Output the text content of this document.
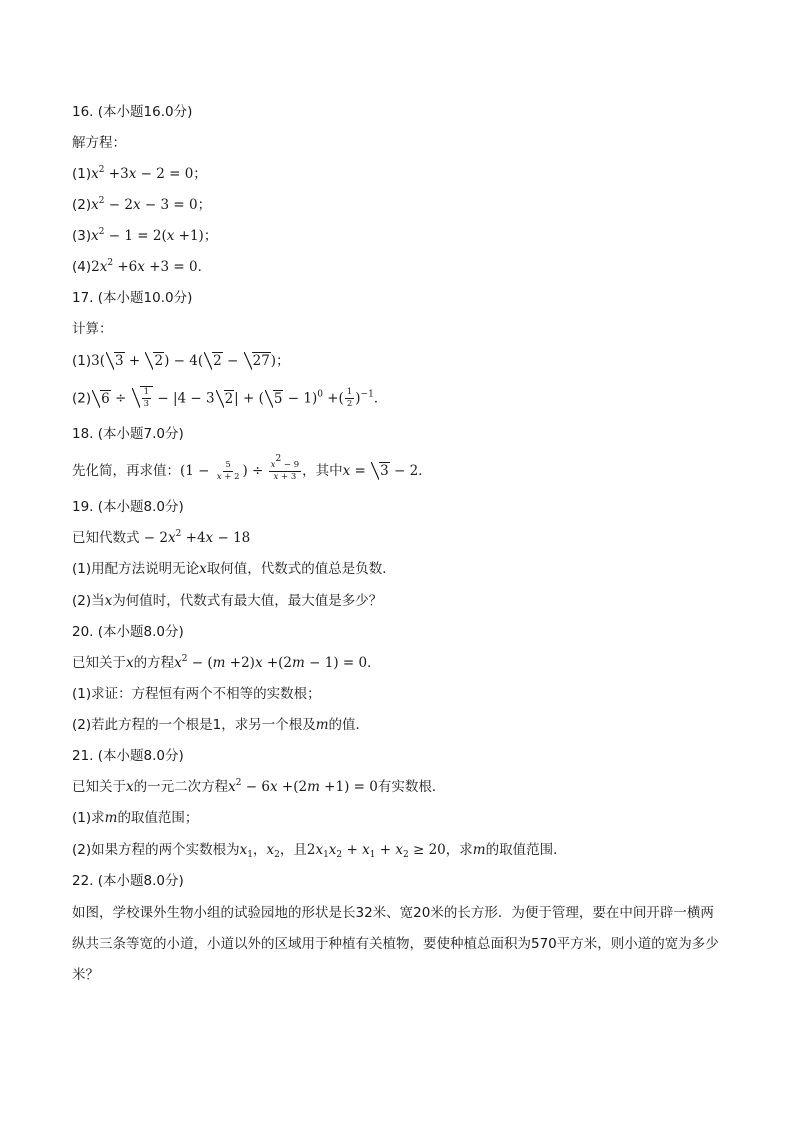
16. (本小题16.0分)
解方程：
$(1)x^2 +3x - 2 = 0$；
$(2)x^2 - 2x - 3 = 0$；
$(3)x^2 - 1 = 2(x +1)$；
$(4)2x^2 +6x +3 = 0$．
17. (本小题10.0分)
计算：
(1)3( 3 + 2) − 4( 2 − 27)；
(2) $6 \div \frac{1}{3} - |4 - 3$ 2| + ( 5 − 1)$^0$ +( $\frac{1}{2} )^{-1}$．
18. (本小题7.0分)
先化简，再求值：($1 - \frac{5}{x + 2}$ ) ÷ $\frac{x^2 - 9}{x + 3}$ ，其中x = 3 − 2．
19. (本小题8.0分)
已知代数式 − $2x^2 +4x - 18$
(1)用配方法说明无论x取何值，代数式的值总是负数．
(2)当x为何值时，代数式有最大值，最大值是多少？
20. (本小题8.0分)
已知关于x的方程$x^2 - (m +2)x +(2m - 1) = 0$．
(1)求证：方程恒有两个不相等的实数根；
(2)若此方程的一个根是1，求另一个根及m的值．
21. (本小题8.0分)
已知关于x的一元二次方程$x^2 - 6x +(2m +1) = 0$有实数根．
(1)求m的取值范围；
(2)如果方程的两个实数根为$x_1$，$x_2$，且$2x_1x_2 + x_1 + x_2 \ge 20$，求m的取值范围．
22. (本小题8.0分)
如图，学校课外生物小组的试验园地的形状是长32米、宽20米的长方形．为便于管理，要在中间开辟一横两纵共三条等宽的小道，小道以外的区域用于种植有关植物，要使种植总面积为570平方米，则小道的宽为多少米？
